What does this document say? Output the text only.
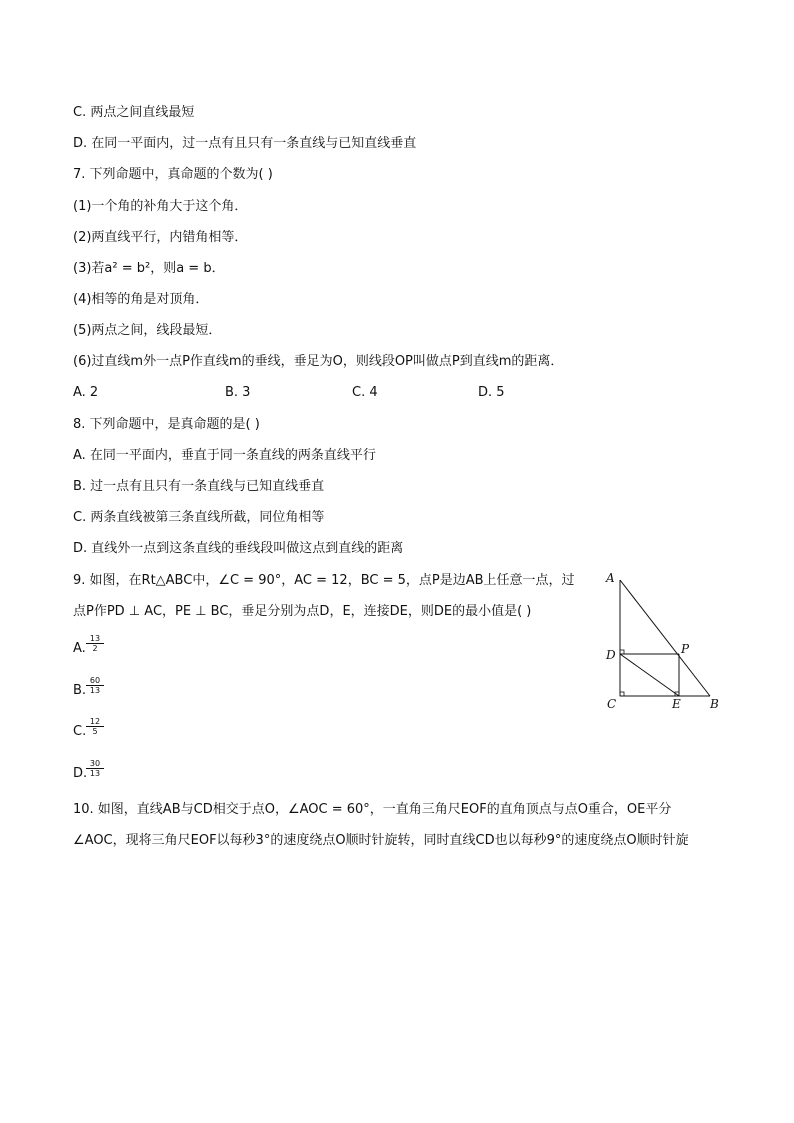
C. 两点之间直线最短
D. 在同一平面内，过一点有且只有一条直线与已知直线垂直
7. 下列命题中，真命题的个数为( )
(1)一个角的补角大于这个角．
(2)两直线平行，内错角相等．
(3)若a² = b²，则a = b．
(4)相等的角是对顶角．
(5)两点之间，线段最短．
(6)过直线m外一点P作直线m的垂线，垂足为O，则线段OP叫做点P到直线m的距离．
A. 2	B. 3	C. 4	D. 5
8. 下列命题中，是真命题的是( )
A. 在同一平面内，垂直于同一条直线的两条直线平行
B. 过一点有且只有一条直线与已知直线垂直
C. 两条直线被第三条直线所截，同位角相等
D. 直线外一点到这条直线的垂线段叫做这点到直线的距离
9. 如图，在Rt△ABC中，∠C = 90°，AC = 12，BC = 5，点P是边AB上任意一点，过
点P作PD ⊥ AC，PE ⊥ BC，垂足分别为点D，E，连接DE，则DE的最小值是( )
A. $\frac{13}{2}$
B. $\frac{60}{13}$
C. $\frac{12}{5}$
D.
$\frac{30}{13}$
A
D	P
C	E B
10. 如图，直线AB与CD相交于点O，∠AOC = 60°，一直角三角尺EOF的直角顶点与点O重合，OE平分
∠AOC，现将三角尺EOF以每秒3°的速度绕点O顺时针旋转，同时直线CD也以每秒9°的速度绕点O顺时针旋
